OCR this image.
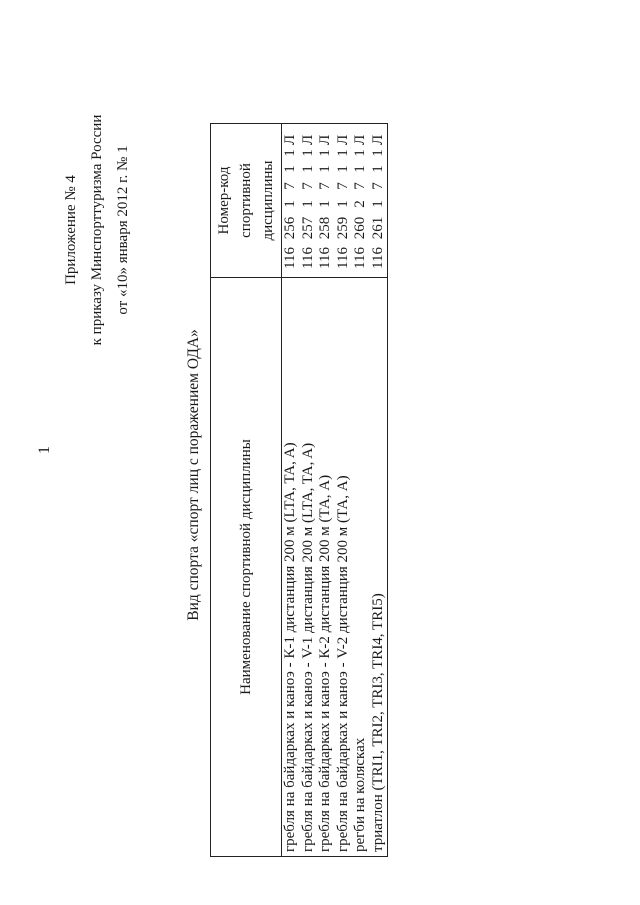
1
Приложение № 4 к приказу Минспорттуризма России от «10» января 2012 г. № 1
Вид спорта «спорт лиц с поражением ОДА» Наименование спортивной дисциплины	Номер-код спортивной дисциплины
гребля на байдарках и каноэ - К-1 дистанция 200 м (LTA, TA, A)	1162561711Л
гребля на байдарках и каноэ - V-1 дистанция 200 м (LTA, TA, A)	1162571711Л
гребля на байдарках и каноэ - К-2 дистанция 200 м (ТА, А)	1162581711Л
гребля на байдарках и каноэ - V-2 дистанция 200 м (ТА, А)	1162591711Л
регби на колясках	1162602711Л
триатлон (TRI1, TRI2, TRI3, TRI4, TRI5)	1162611711Л
